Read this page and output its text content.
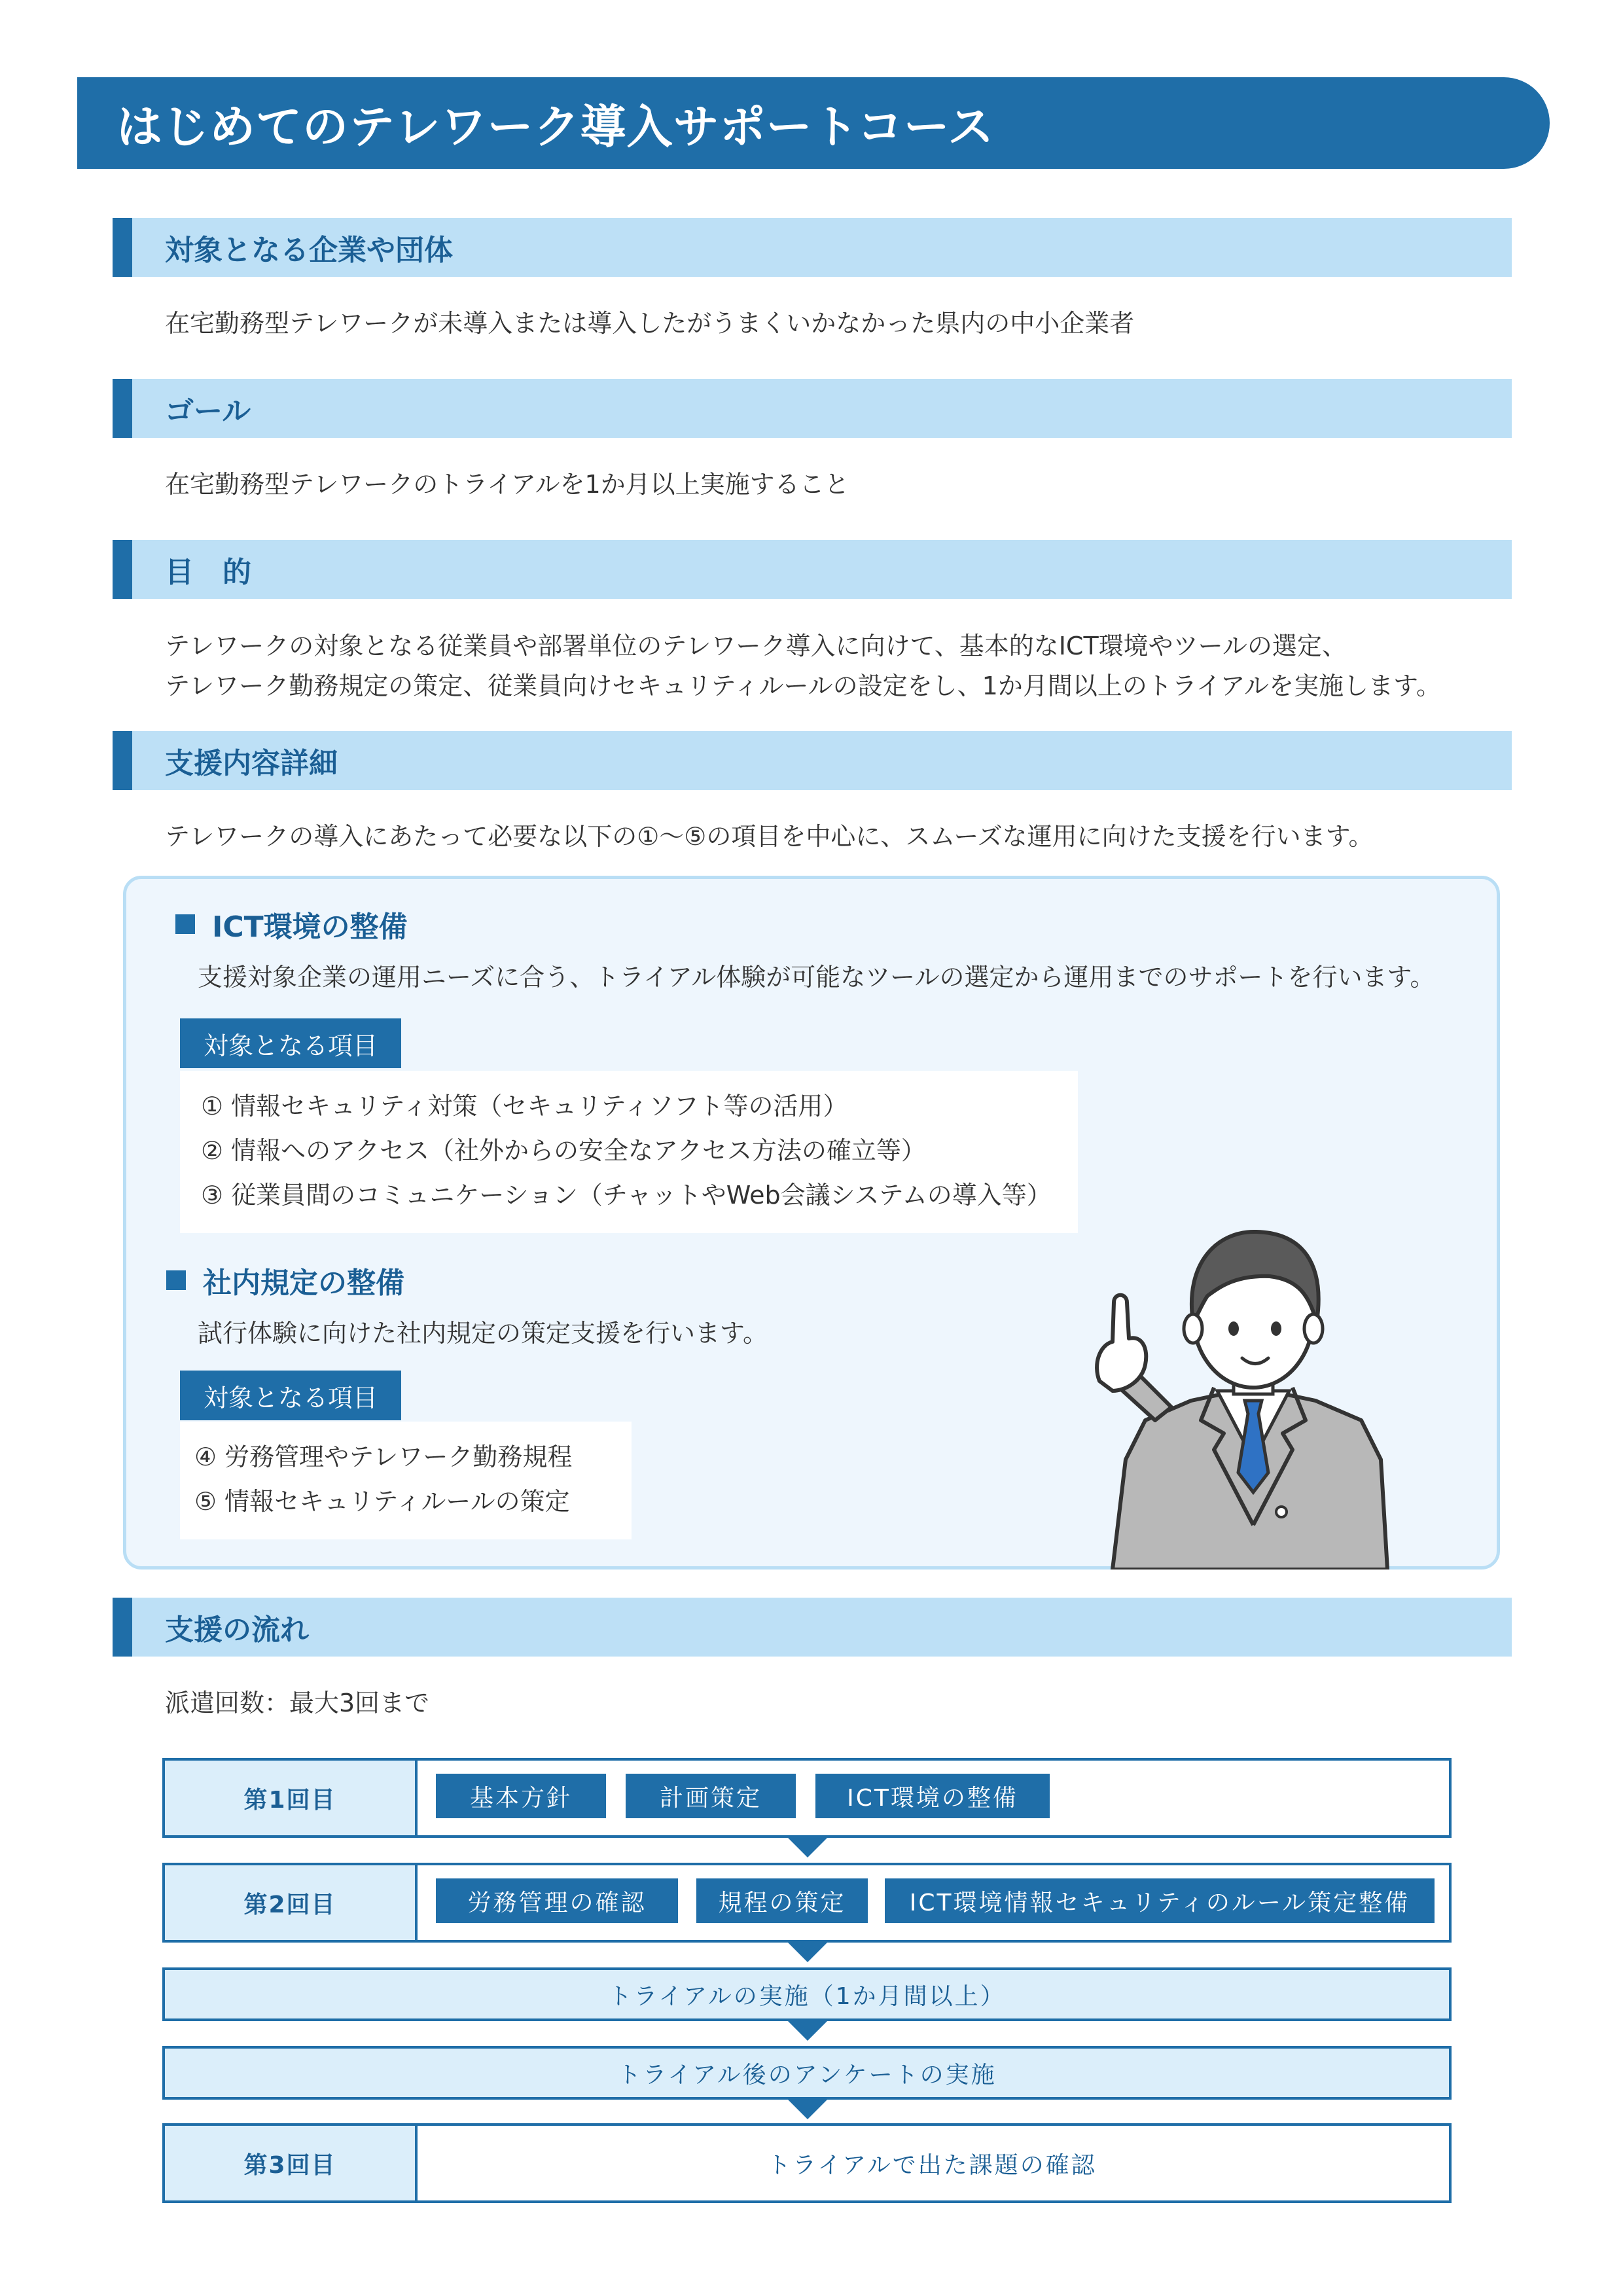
はじめてのテレワーク導入サポートコース
対象となる企業や団体
在宅勤務型テレワークが未導入または導入したがうまくいかなかった県内の中小企業者
ゴール
在宅勤務型テレワークのトライアルを1か月以上実施すること
目　的
テレワークの対象となる従業員や部署単位のテレワーク導入に向けて、基本的なICT環境やツールの選定、
テレワーク勤務規定の策定、従業員向けセキュリティルールの設定をし、1か月間以上のトライアルを実施します。
支援内容詳細
テレワークの導入にあたって必要な以下の①～⑤の項目を中心に、スムーズな運用に向けた支援を行います。
ICT環境の整備
支援対象企業の運用ニーズに合う、トライアル体験が可能なツールの選定から運用までのサポートを行います。
対象となる項目
① 情報セキュリティ対策（セキュリティソフト等の活用）
② 情報へのアクセス（社外からの安全なアクセス方法の確立等）
③ 従業員間のコミュニケーション（チャットやWeb会議システムの導入等）
社内規定の整備
試行体験に向けた社内規定の策定支援を行います。
対象となる項目
④ 労務管理やテレワーク勤務規程
⑤ 情報セキュリティルールの策定
支援の流れ
派遣回数：最大3回まで
第1回目	基本方針	計画策定	ICT環境の整備
第2回目	労務管理の確認	規程の策定	ICT環境情報セキュリティのルール策定整備
トライアルの実施（1か月間以上）
トライアル後のアンケートの実施
第3回目	トライアルで出た課題の確認
